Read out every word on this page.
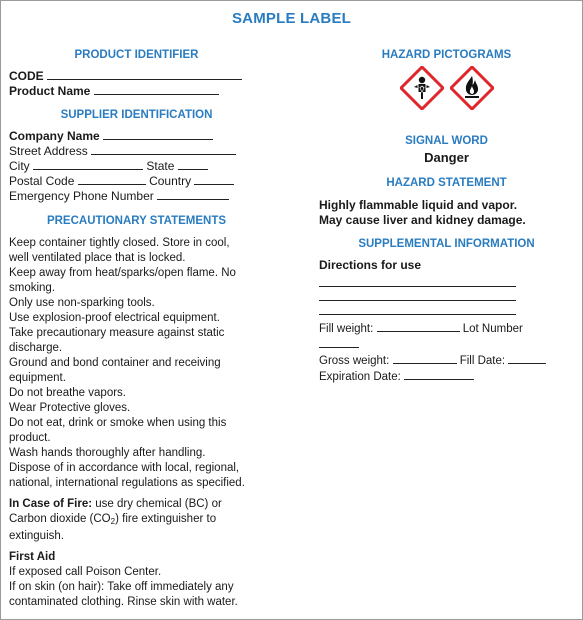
SAMPLE LABEL
PRODUCT IDENTIFIER
CODE
Product Name
SUPPLIER IDENTIFICATION
Company Name
Street Address
City	State
Postal Code	Country
Emergency Phone Number
PRECAUTIONARY STATEMENTS
Keep container tightly closed. Store in cool,
well ventilated place that is locked.
Keep away from heat/sparks/open flame. No
smoking.
Only use non-sparking tools.
Use explosion-proof electrical equipment.
Take precautionary measure against static
discharge.
Ground and bond container and receiving
equipment.
Do not breathe vapors.
Wear Protective gloves.
Do not eat, drink or smoke when using this
product.
Wash hands thoroughly after handling.
Dispose of in accordance with local, regional,
national, international regulations as specified.
In Case of Fire: use dry chemical (BC) or
Carbon dioxide $(CO_2)$ fire extinguisher to
extinguish.
First Aid
If exposed call Poison Center.
If on skin (on hair): Take off immediately any
contaminated clothing. Rinse skin with water.
HAZARD PICTOGRAMS
SIGNAL WORD
Danger
HAZARD STATEMENT
Highly flammable liquid and vapor.
May cause liver and kidney damage.
SUPPLEMENTAL INFORMATION
Directions for use
Fill weight:	Lot Number
Gross weight:	Fill Date:
Expiration Date:
